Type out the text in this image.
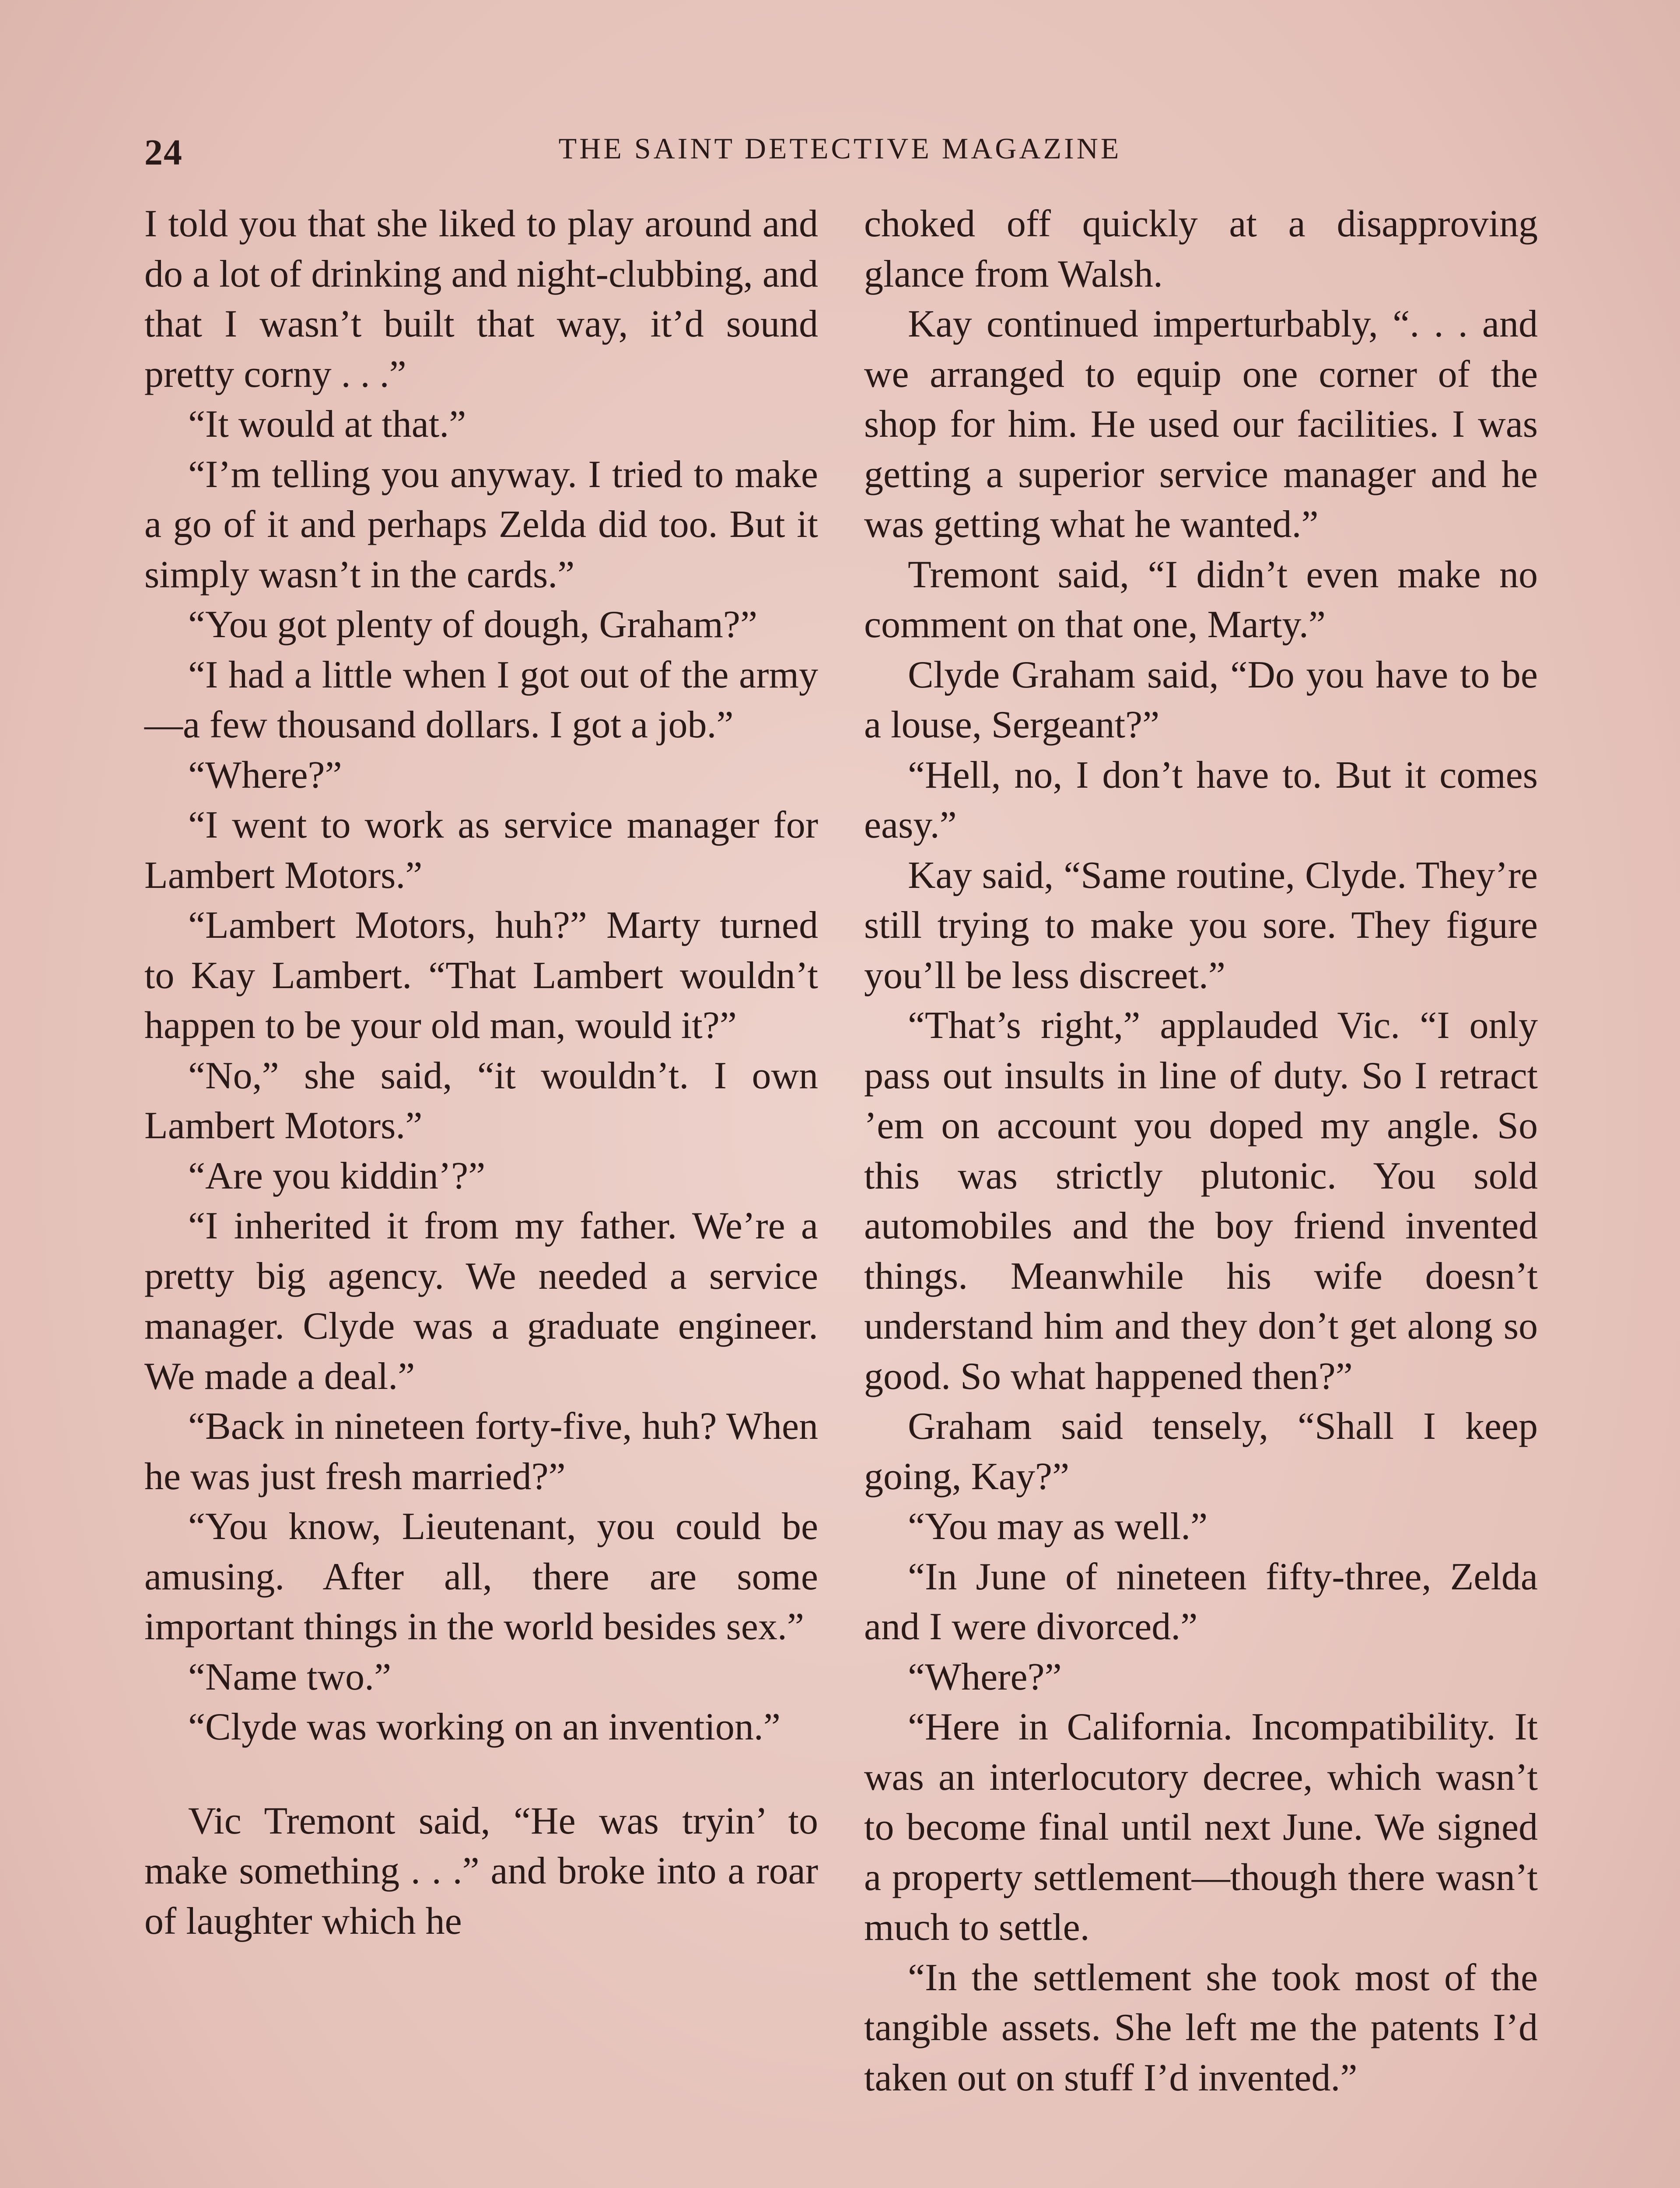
24	THE SAINT DETECTIVE MAGAZINE

I told you that she liked to play around and do a lot of drinking and night-clubbing, and that I wasn’t built that way, it’d sound pretty corny . . .”

“It would at that.”

“I’m telling you anyway. I tried to make a go of it and perhaps Zelda did too. But it simply wasn’t in the cards.”

“You got plenty of dough, Graham?”

“I had a little when I got out of the army—a few thousand dollars. I got a job.”

“Where?”

“I went to work as service manager for Lambert Motors.”

“Lambert Motors, huh?” Marty turned to Kay Lambert. “That Lambert wouldn’t happen to be your old man, would it?”

“No,” she said, “it wouldn’t. I own Lambert Motors.”

“Are you kiddin’?”

“I inherited it from my father. We’re a pretty big agency. We needed a service manager. Clyde was a graduate engineer. We made a deal.”

“Back in nineteen forty-five, huh? When he was just fresh married?”

“You know, Lieutenant, you could be amusing. After all, there are some important things in the world besides sex.”

“Name two.”

“Clyde was working on an invention.”

Vic Tremont said, “He was tryin’ to make something . . .” and broke into a roar of laughter which he

choked off quickly at a disapproving glance from Walsh.

Kay continued imperturbably, “. . . and we arranged to equip one corner of the shop for him. He used our facilities. I was getting a superior service manager and he was getting what he wanted.”

Tremont said, “I didn’t even make no comment on that one, Marty.”

Clyde Graham said, “Do you have to be a louse, Sergeant?”

“Hell, no, I don’t have to. But it comes easy.”

Kay said, “Same routine, Clyde. They’re still trying to make you sore. They figure you’ll be less discreet.”

“That’s right,” applauded Vic. “I only pass out insults in line of duty. So I retract ’em on account you doped my angle. So this was strictly plutonic. You sold automobiles and the boy friend invented things. Meanwhile his wife doesn’t understand him and they don’t get along so good. So what happened then?”

Graham said tensely, “Shall I keep going, Kay?”

“You may as well.”

“In June of nineteen fifty-three, Zelda and I were divorced.”

“Where?”

“Here in California. Incompatibility. It was an interlocutory decree, which wasn’t to become final until next June. We signed a property settlement—though there wasn’t much to settle.

“In the settlement she took most of the tangible assets. She left me the patents I’d taken out on stuff I’d invented.”
